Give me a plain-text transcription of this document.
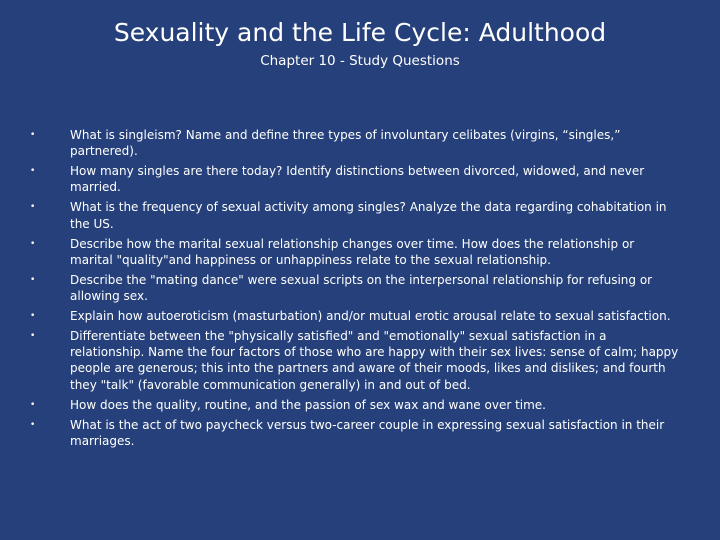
Sexuality and the Life Cycle: Adulthood
Chapter 10 - Study Questions
•	What is singleism? Name and define three types of involuntary celibates (virgins, “singles,” partnered).
•	How many singles are there today? Identify distinctions between divorced, widowed, and never married.
•	What is the frequency of sexual activity among singles? Analyze the data regarding cohabitation in the US.
•	Describe how the marital sexual relationship changes over time. How does the relationship or marital "quality"and happiness or unhappiness relate to the sexual relationship.
•	Describe the "mating dance" were sexual scripts on the interpersonal relationship for refusing or allowing sex.
•	Explain how autoeroticism (masturbation) and/or mutual erotic arousal relate to sexual satisfaction.
•	Differentiate between the "physically satisfied" and "emotionally" sexual satisfaction in a relationship. Name the four factors of those who are happy with their sex lives: sense of calm; happy people are generous; this into the partners and aware of their moods, likes and dislikes; and fourth they "talk" (favorable communication generally) in and out of bed.
•	How does the quality, routine, and the passion of sex wax and wane over time.
•	What is the act of two paycheck versus two-career couple in expressing sexual satisfaction in their marriages.
